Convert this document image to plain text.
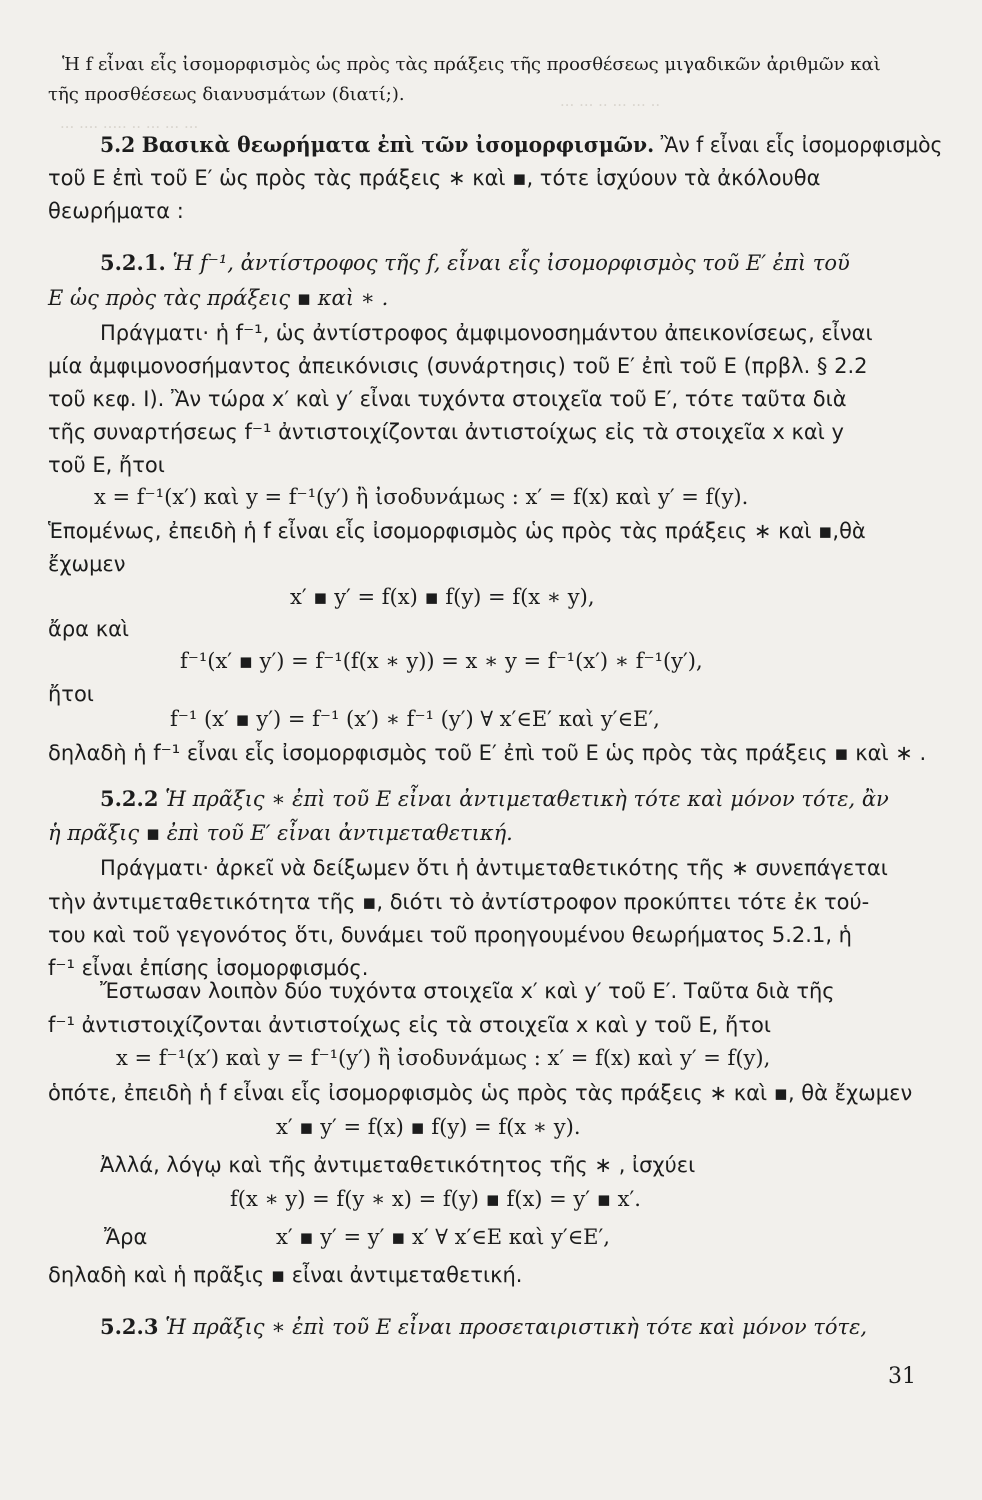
··· ··· ·· ··· ··· ··
··· ···· ····· ·· ··· ··· ···
Ἡ f εἶναι εἷς ἰσομορφισμὸς ὡς πρὸς τὰς πράξεις τῆς προσθέσεως μιγαδικῶν ἀριθμῶν καὶ
τῆς προσθέσεως διανυσμάτων (διατί;).
5.2 Βασικὰ θεωρήματα ἐπὶ τῶν ἰσομορφισμῶν. Ἂν f εἶναι εἷς ἰσομορφισμὸς
τοῦ Ε ἐπὶ τοῦ Ε′ ὡς πρὸς τὰς πράξεις ∗ καὶ ▪, τότε ἰσχύουν τὰ ἀκόλουθα
θεωρήματα :
5.2.1. Ἡ f⁻¹, ἀντίστροφος τῆς f, εἶναι εἷς ἰσομορφισμὸς τοῦ Ε′ ἐπὶ τοῦ
Ε ὡς πρὸς τὰς πράξεις ▪ καὶ ∗ .
Πράγματι· ἡ f⁻¹, ὡς ἀντίστροφος ἀμφιμονοσημάντου ἀπεικονίσεως, εἶναι
μία ἀμφιμονοσήμαντος ἀπεικόνισις (συνάρτησις) τοῦ Ε′ ἐπὶ τοῦ Ε (πρβλ. § 2.2
τοῦ κεφ. Ι). Ἂν τώρα x′ καὶ y′ εἶναι τυχόντα στοιχεῖα τοῦ Ε′, τότε ταῦτα διὰ
τῆς συναρτήσεως f⁻¹ ἀντιστοιχίζονται ἀντιστοίχως εἰς τὰ στοιχεῖα x καὶ y
τοῦ Ε, ἤτοι
x = f⁻¹(x′) καὶ y = f⁻¹(y′) ἢ ἰσοδυνάμως : x′ = f(x) καὶ y′ = f(y).
Ἑπομένως, ἐπειδὴ ἡ f εἶναι εἷς ἰσομορφισμὸς ὡς πρὸς τὰς πράξεις ∗ καὶ ▪,θὰ
ἔχωμεν
x′ ▪ y′ = f(x) ▪ f(y) = f(x ∗ y),
ἄρα καὶ
f⁻¹(x′ ▪ y′) = f⁻¹(f(x ∗ y)) = x ∗ y = f⁻¹(x′) ∗ f⁻¹(y′),
ἤτοι
f⁻¹ (x′ ▪ y′) = f⁻¹ (x′) ∗ f⁻¹ (y′) ∀ x′∈Ε′ καὶ y′∈Ε′,
δηλαδὴ ἡ f⁻¹ εἶναι εἷς ἰσομορφισμὸς τοῦ Ε′ ἐπὶ τοῦ Ε ὡς πρὸς τὰς πράξεις ▪ καὶ ∗ .
5.2.2 Ἡ πρᾶξις ∗ ἐπὶ τοῦ Ε εἶναι ἀντιμεταθετικὴ τότε καὶ μόνον τότε, ἂν
ἡ πρᾶξις ▪ ἐπὶ τοῦ Ε′ εἶναι ἀντιμεταθετική.
Πράγματι· ἀρκεῖ νὰ δείξωμεν ὅτι ἡ ἀντιμεταθετικότης τῆς ∗ συνεπάγεται
τὴν ἀντιμεταθετικότητα τῆς ▪, διότι τὸ ἀντίστροφον προκύπτει τότε ἐκ τού-
του καὶ τοῦ γεγονότος ὅτι, δυνάμει τοῦ προηγουμένου θεωρήματος 5.2.1, ἡ
f⁻¹ εἶναι ἐπίσης ἰσομορφισμός.
Ἔστωσαν λοιπὸν δύο τυχόντα στοιχεῖα x′ καὶ y′ τοῦ Ε′. Ταῦτα διὰ τῆς
f⁻¹ ἀντιστοιχίζονται ἀντιστοίχως εἰς τὰ στοιχεῖα x καὶ y τοῦ Ε, ἤτοι
x = f⁻¹(x′) καὶ y = f⁻¹(y′) ἢ ἰσοδυνάμως : x′ = f(x) καὶ y′ = f(y),
ὁπότε, ἐπειδὴ ἡ f εἶναι εἷς ἰσομορφισμὸς ὡς πρὸς τὰς πράξεις ∗ καὶ ▪, θὰ ἔχωμεν
x′ ▪ y′ = f(x) ▪ f(y) = f(x ∗ y).
Ἀλλά, λόγῳ καὶ τῆς ἀντιμεταθετικότητος τῆς ∗ , ἰσχύει
f(x ∗ y) = f(y ∗ x) = f(y) ▪ f(x) = y′ ▪ x′.
Ἄρα	x′ ▪ y′ = y′ ▪ x′ ∀ x′∈Ε καὶ y′∈Ε′,
δηλαδὴ καὶ ἡ πρᾶξις ▪ εἶναι ἀντιμεταθετική.
5.2.3 Ἡ πρᾶξις ∗ ἐπὶ τοῦ Ε εἶναι προσεταιριστικὴ τότε καὶ μόνον τότε,
31
